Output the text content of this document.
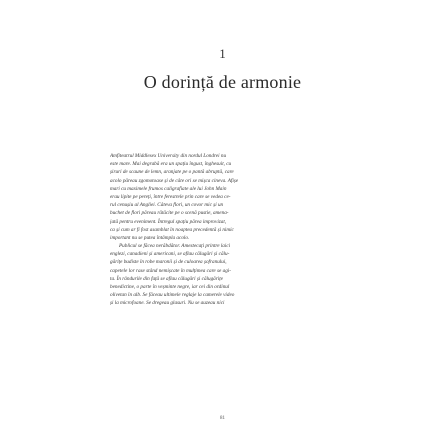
1
O dorință de armonie
Amfiteatrul Middlesex University din nordul Londrei nu
este mare. Mai degrabă era un spațiu îngust, înghesuit, cu
șiruri de scaune de lemn, aranjate pe o pantă abruptă, care
acolo păreau zgomotoase și de câte ori se mișca cineva. Afișe
mari cu maximele frumos caligrafiate ale lui John Main
erau lipite pe pereți, între ferestrele prin care se vedea ce-
rul cenușiu al Angliei. Câteva flori, un covor mic și un
buchet de flori păreau rătăcite pe o scenă pustie, amena-
jată pentru eveniment. Întregul spațiu părea improvizat,
ca și cum ar fi fost asamblat în noaptea precedentă și nimic
important nu se putea întâmpla acolo.
Publicul se făcea nerăbdător. Amestecați printre laici
englezi, canadieni și americani, se aflau călugări și călu-
gărițe budiste în robe maronii și de culoarea șofranului,
capetele lor rase stând nemișcate în mulțimea care se agi-
ta. În rândurile din față se aflau călugări și călugărițe
benedictine, o parte în veșminte negre, iar cei din ordinul
olivetan în alb. Se făceau ultimele reglaje la camerele video
și la microfoane. Se dregeau glasuri. Nu se auzeau nici
81
